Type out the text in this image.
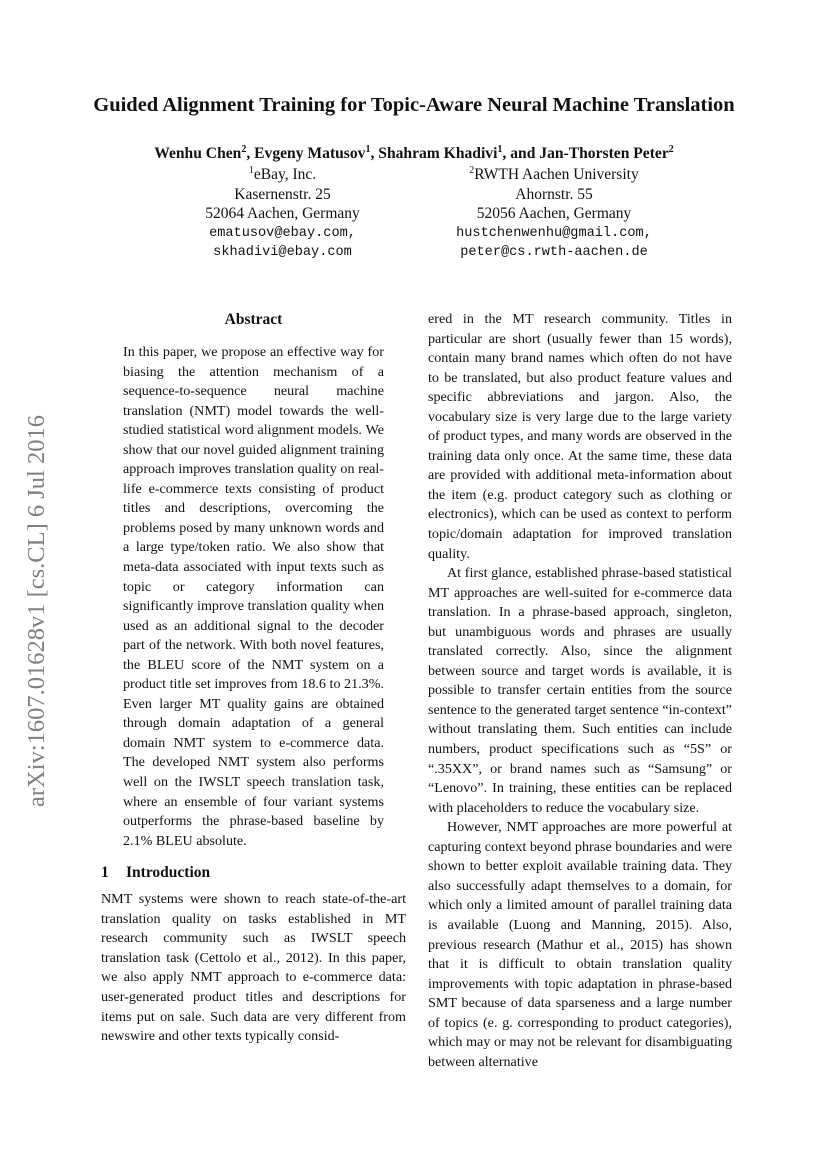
Guided Alignment Training for Topic-Aware Neural Machine Translation
Wenhu Chen$^2$, Evgeny Matusov$^1$, Shahram Khadivi$^1$, and Jan-Thorsten Peter$^2$
$^1$eBay, Inc.
Kasernenstr. 25
52064 Aachen, Germany
ematusov@ebay.com,
skhadivi@ebay.com
$^2$RWTH Aachen University
Ahornstr. 55
52056 Aachen, Germany
hustchenwenhu@gmail.com,
peter@cs.rwth-aachen.de
arXiv:1607.01628v1 [cs.CL] 6 Jul 2016
Abstract

In this paper, we propose an effective way for biasing the attention mechanism of a sequence-to-sequence neural machine translation (NMT) model towards the well-studied statistical word alignment models. We show that our novel guided alignment training approach improves translation quality on real-life e-commerce texts consisting of product titles and descriptions, overcoming the problems posed by many unknown words and a large type/token ratio. We also show that meta-data associated with input texts such as topic or category information can significantly improve translation quality when used as an additional signal to the decoder part of the network. With both novel features, the BLEU score of the NMT system on a product title set improves from 18.6 to 21.3%. Even larger MT quality gains are obtained through domain adaptation of a general domain NMT system to e-commerce data. The developed NMT system also performs well on the IWSLT speech translation task, where an ensemble of four variant systems outperforms the phrase-based baseline by 2.1% BLEU absolute.

1 Introduction

NMT systems were shown to reach state-of-the-art translation quality on tasks established in MT research community such as IWSLT speech translation task (Cettolo et al., 2012). In this paper, we also apply NMT approach to e-commerce data: user-generated product titles and descriptions for items put on sale. Such data are very different from newswire and other texts typically consid-

ered in the MT research community. Titles in particular are short (usually fewer than 15 words), contain many brand names which often do not have to be translated, but also product feature values and specific abbreviations and jargon. Also, the vocabulary size is very large due to the large variety of product types, and many words are observed in the training data only once. At the same time, these data are provided with additional meta-information about the item (e.g. product category such as clothing or electronics), which can be used as context to perform topic/domain adaptation for improved translation quality.

At first glance, established phrase-based statistical MT approaches are well-suited for e-commerce data translation. In a phrase-based approach, singleton, but unambiguous words and phrases are usually translated correctly. Also, since the alignment between source and target words is available, it is possible to transfer certain entities from the source sentence to the generated target sentence “in-context” without translating them. Such entities can include numbers, product specifications such as “5S” or “.35XX”, or brand names such as “Samsung” or “Lenovo”. In training, these entities can be replaced with placeholders to reduce the vocabulary size.

However, NMT approaches are more powerful at capturing context beyond phrase boundaries and were shown to better exploit available training data. They also successfully adapt themselves to a domain, for which only a limited amount of parallel training data is available (Luong and Manning, 2015). Also, previous research (Mathur et al., 2015) has shown that it is difficult to obtain translation quality improvements with topic adaptation in phrase-based SMT because of data sparseness and a large number of topics (e. g. corresponding to product categories), which may or may not be relevant for disambiguating between alternative
